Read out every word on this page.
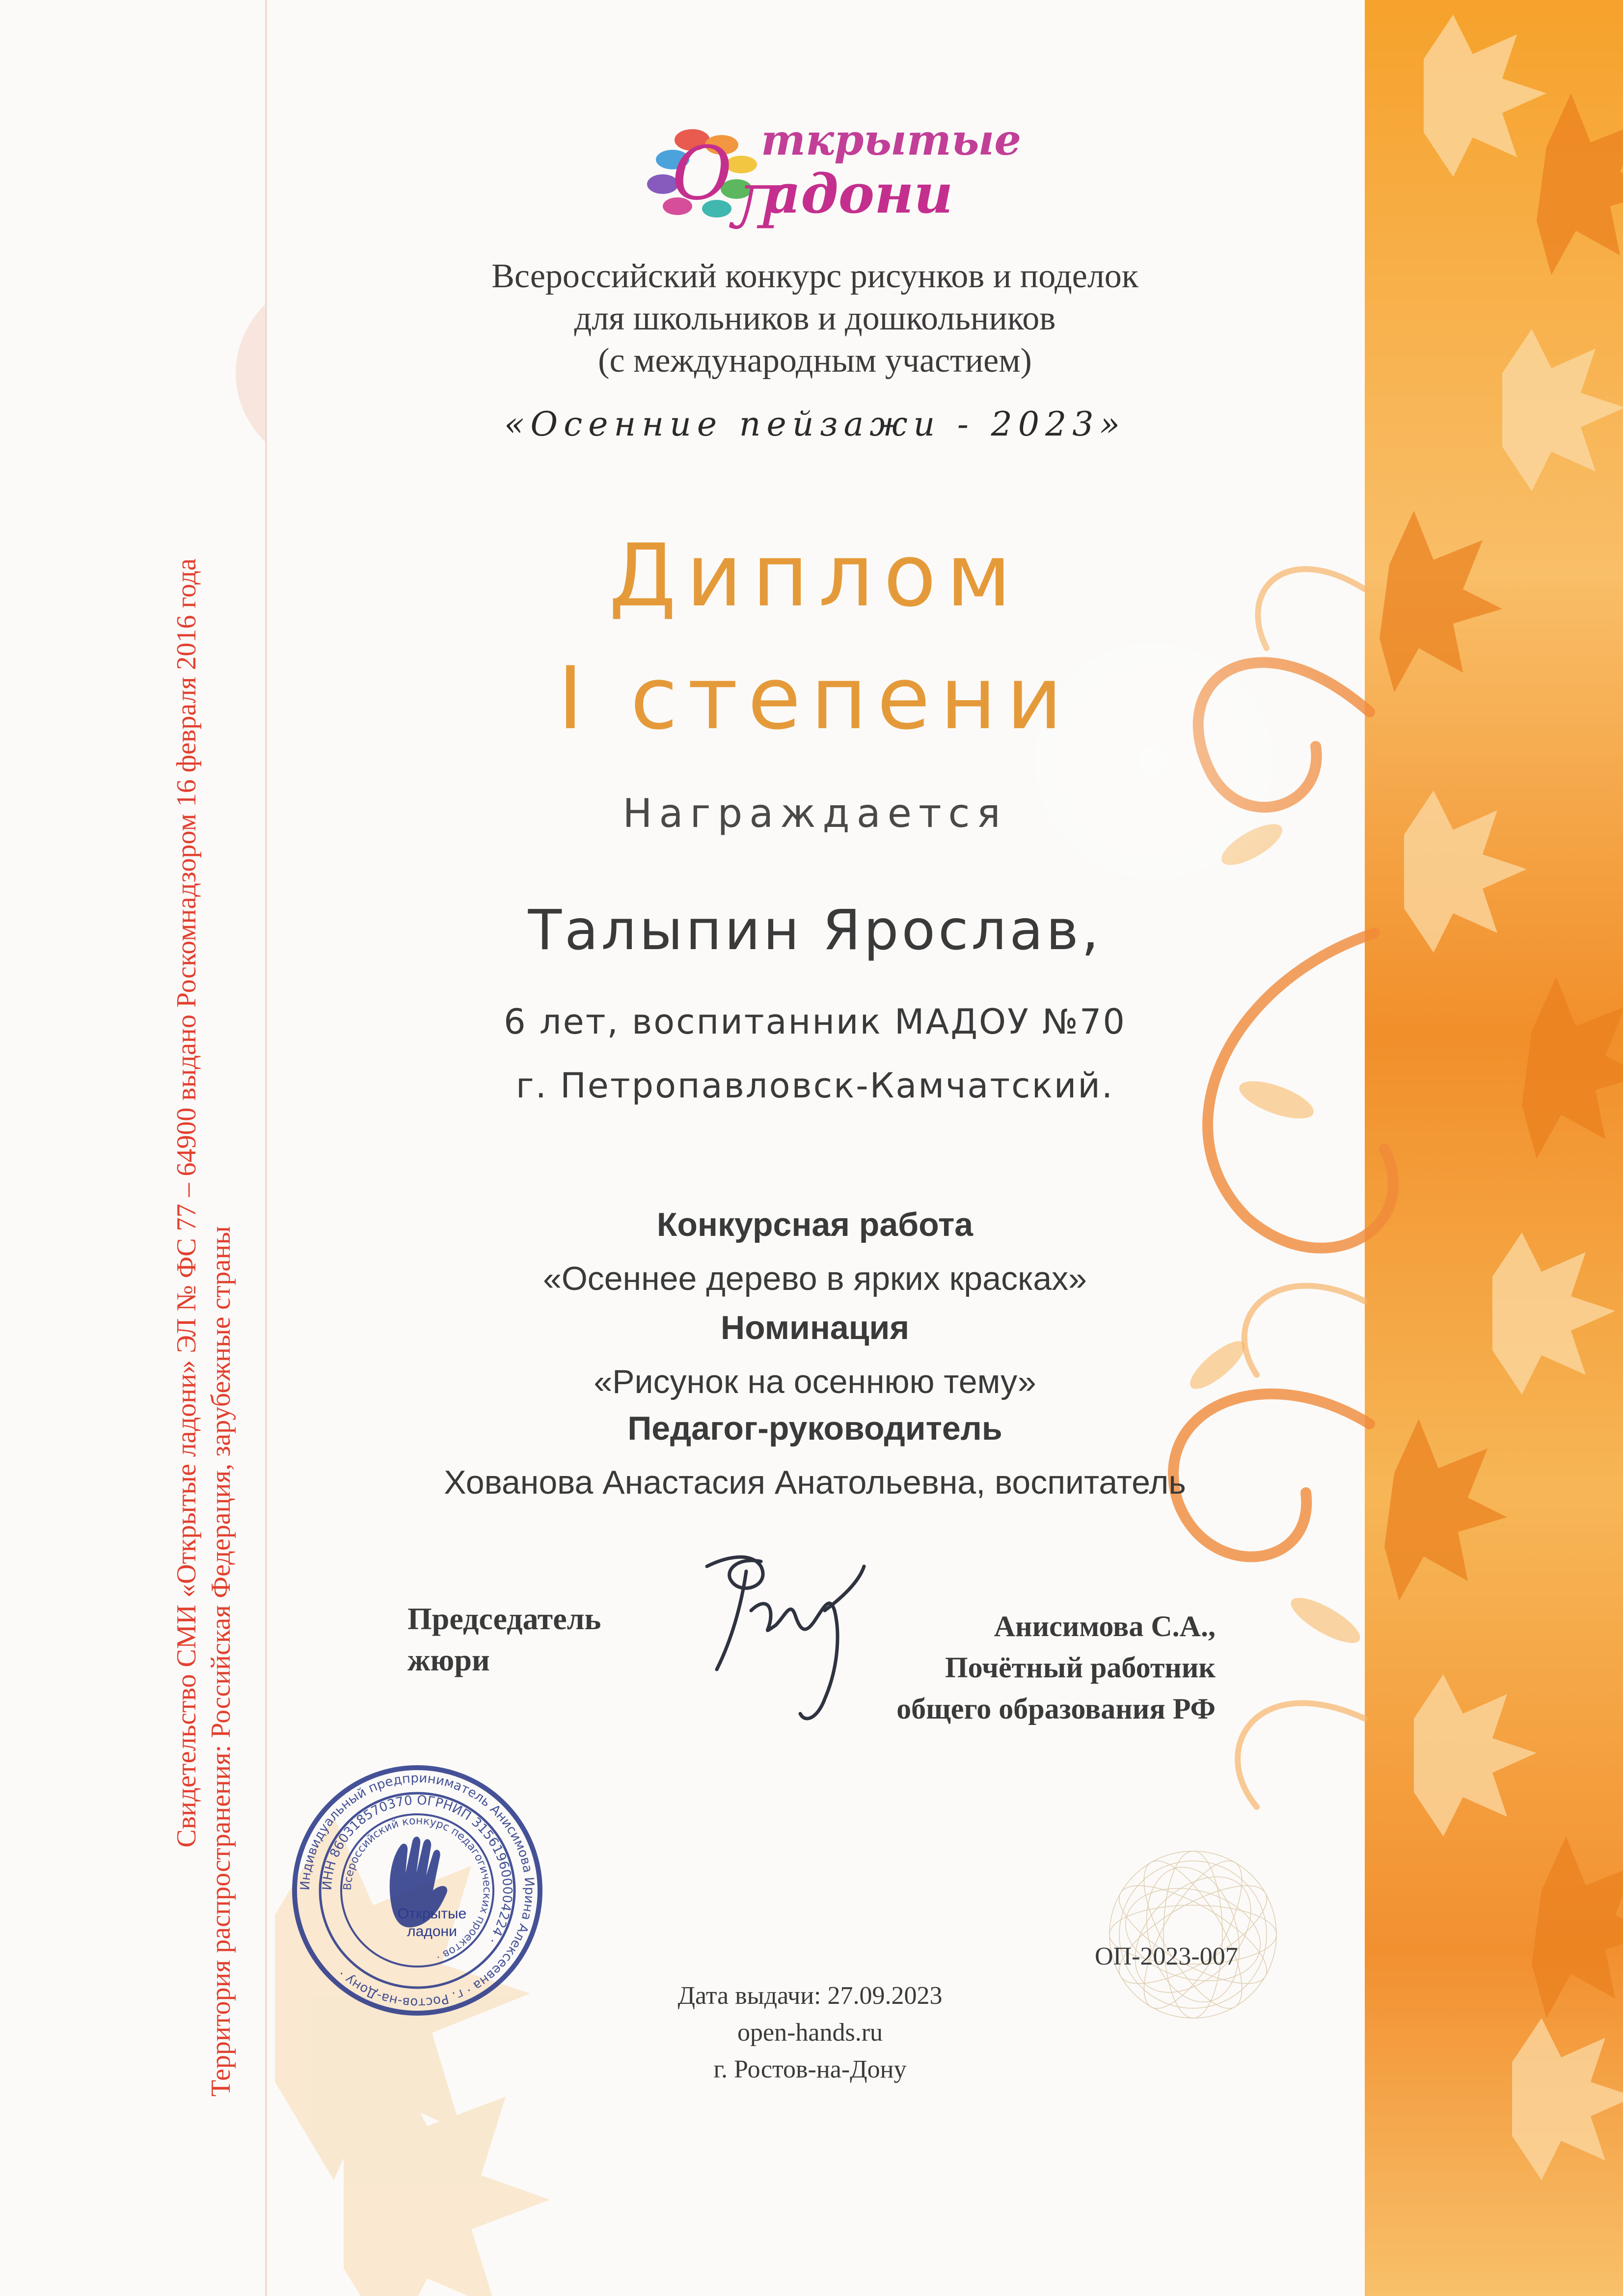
Свидетельство СМИ «Открытые ладони» ЭЛ № ФС 77 – 64900 выдано Роскомнадзором 16 февраля 2016 года Территория распространения: Российская Федерация, зарубежные страны
О
Л
ткрытые
адони
Всероссийский конкурс рисунков и поделок
для школьников и дошкольников
(с международным участием)
«Осенние пейзажи - 2023»
Диплом
I степени
Награждается
Талыпин Ярослав,
6 лет, воспитанник МАДОУ №70
г. Петропавловск-Камчатский.
Конкурсная работа
«Осеннее дерево в ярких красках»
Номинация
«Рисунок на осеннюю тему»
Педагог-руководитель
Хованова Анастасия Анатольевна, воспитатель
Председатель
жюри
Анисимова С.А.,
Почётный работник
общего образования РФ
Индивидуальный предприниматель Анисимова Ирина Алексеевна · г. Ростов-на-Дону ·
ИНН 860318570370 ОГРНИП 315619600004224 ·
Всероссийский конкурс педагогических проектов ·
Открытые
ладони
ОП-2023-007
Дата выдачи: 27.09.2023
open-hands.ru
г. Ростов-на-Дону
